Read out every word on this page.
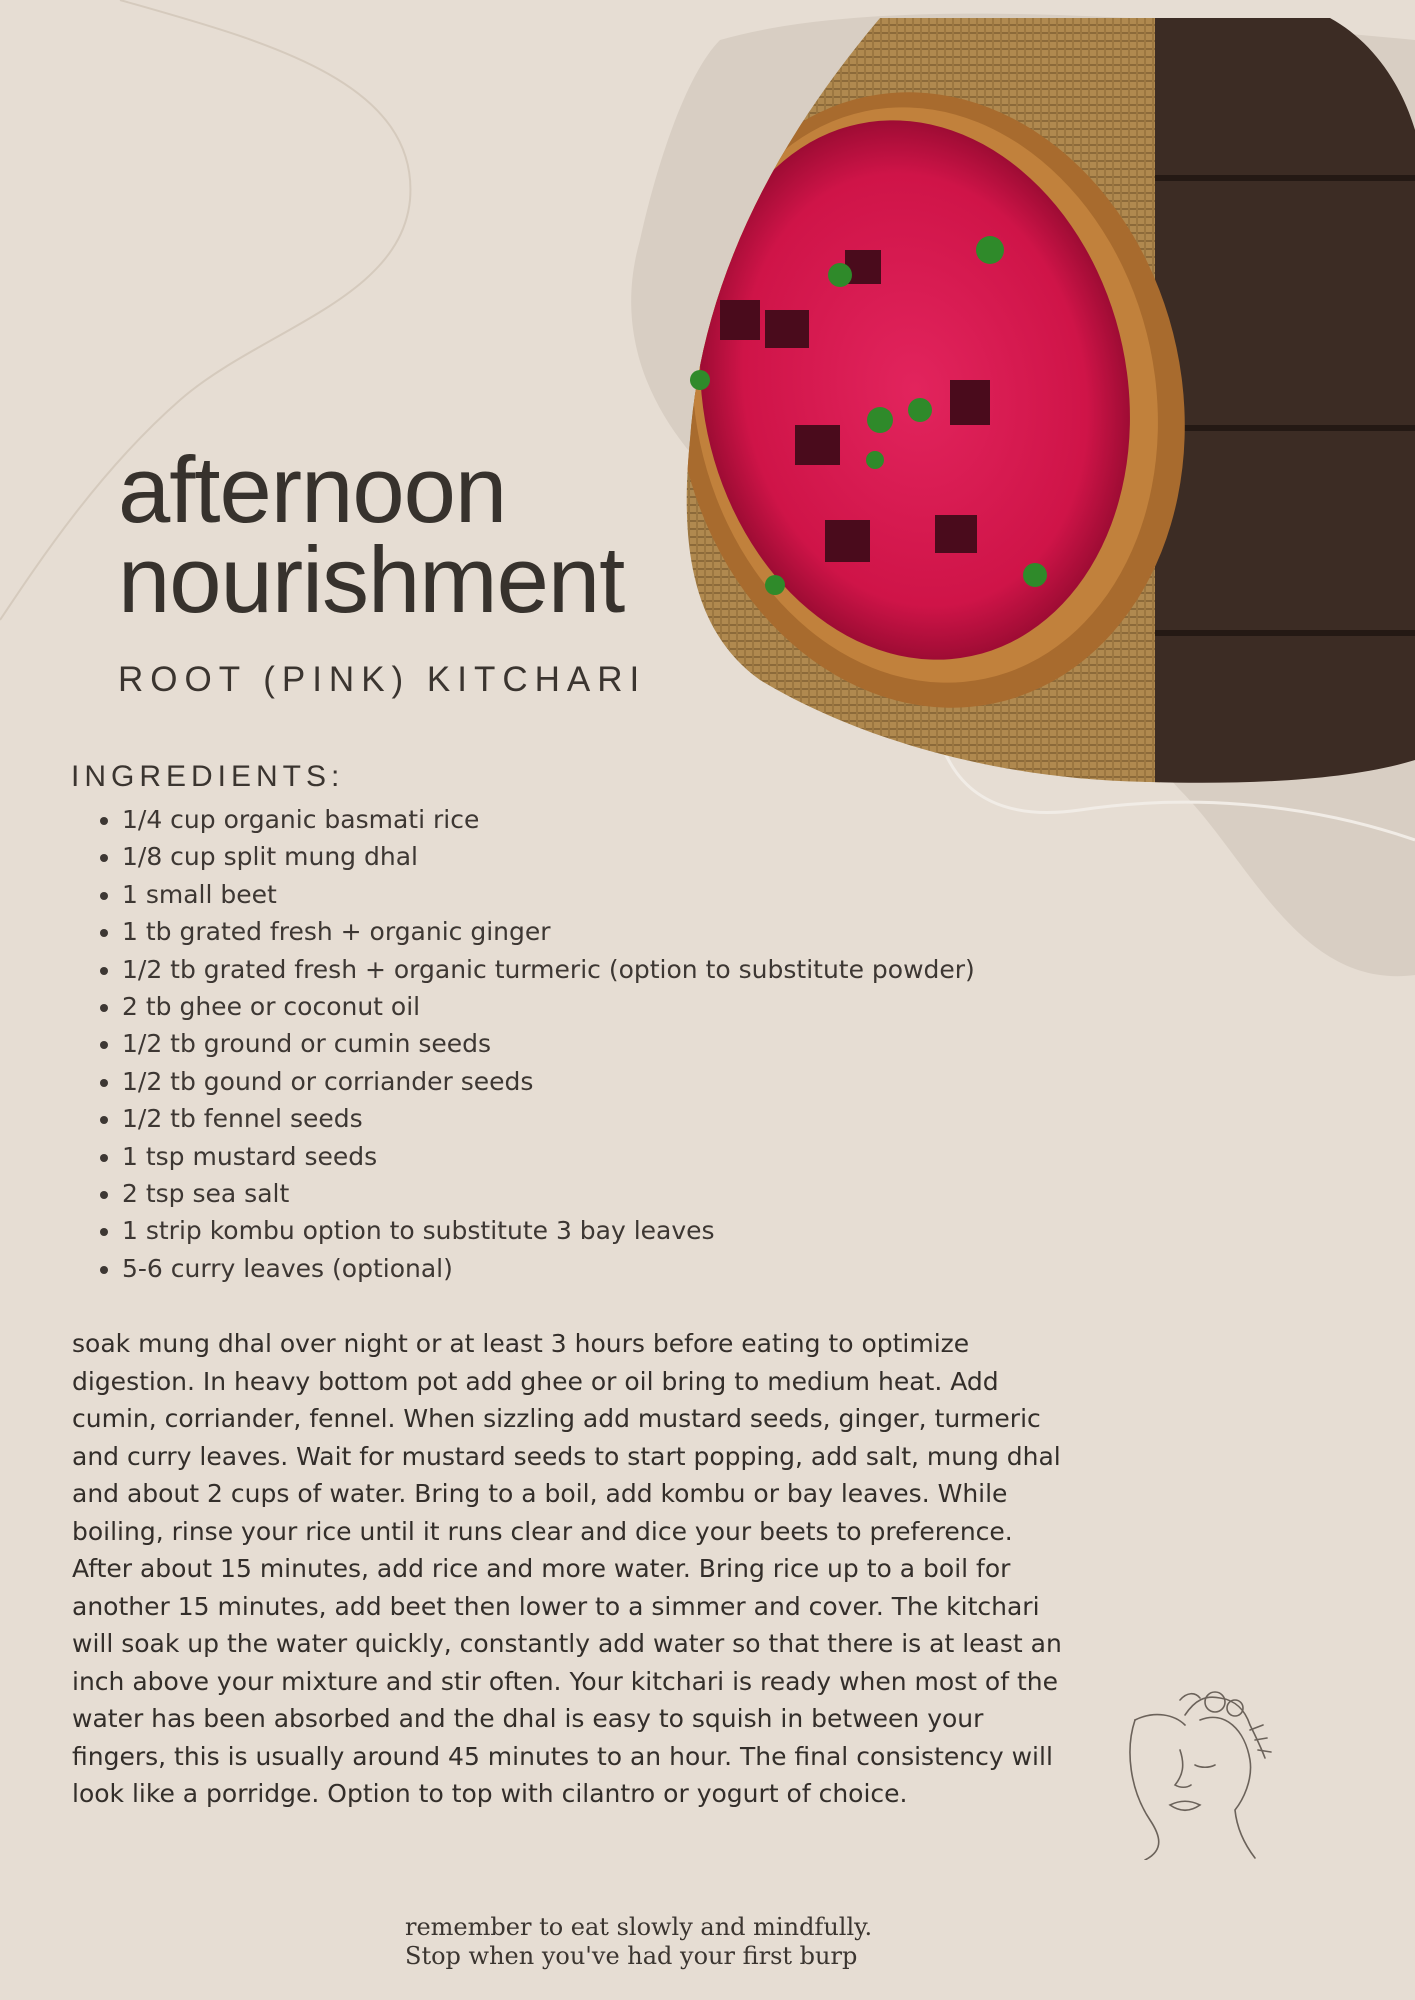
afternoon
nourishment
ROOT (PINK) KITCHARI
INGREDIENTS:
• 1/4 cup organic basmati rice
• 1/8 cup split mung dhal
• 1 small beet
• 1 tb grated fresh + organic ginger
• 1/2 tb grated fresh + organic turmeric (option to substitute powder)
• 2 tb ghee or coconut oil
• 1/2 tb ground or cumin seeds
• 1/2 tb gound or corriander seeds
• 1/2 tb fennel seeds
• 1 tsp mustard seeds
• 2 tsp sea salt
• 1 strip kombu option to substitute 3 bay leaves
• 5-6 curry leaves (optional)

soak mung dhal over night or at least 3 hours before eating to optimize digestion. In heavy bottom pot add ghee or oil bring to medium heat. Add cumin, corriander, fennel. When sizzling add mustard seeds, ginger, turmeric and curry leaves. Wait for mustard seeds to start popping, add salt, mung dhal and about 2 cups of water. Bring to a boil, add kombu or bay leaves. While boiling, rinse your rice until it runs clear and dice your beets to preference. After about 15 minutes, add rice and more water. Bring rice up to a boil for another 15 minutes, add beet then lower to a simmer and cover. The kitchari will soak up the water quickly, constantly add water so that there is at least an inch above your mixture and stir often. Your kitchari is ready when most of the water has been absorbed and the dhal is easy to squish in between your fingers, this is usually around 45 minutes to an hour. The final consistency will look like a porridge. Option to top with cilantro or yogurt of choice.

remember to eat slowly and mindfully.
Stop when you've had your first burp
